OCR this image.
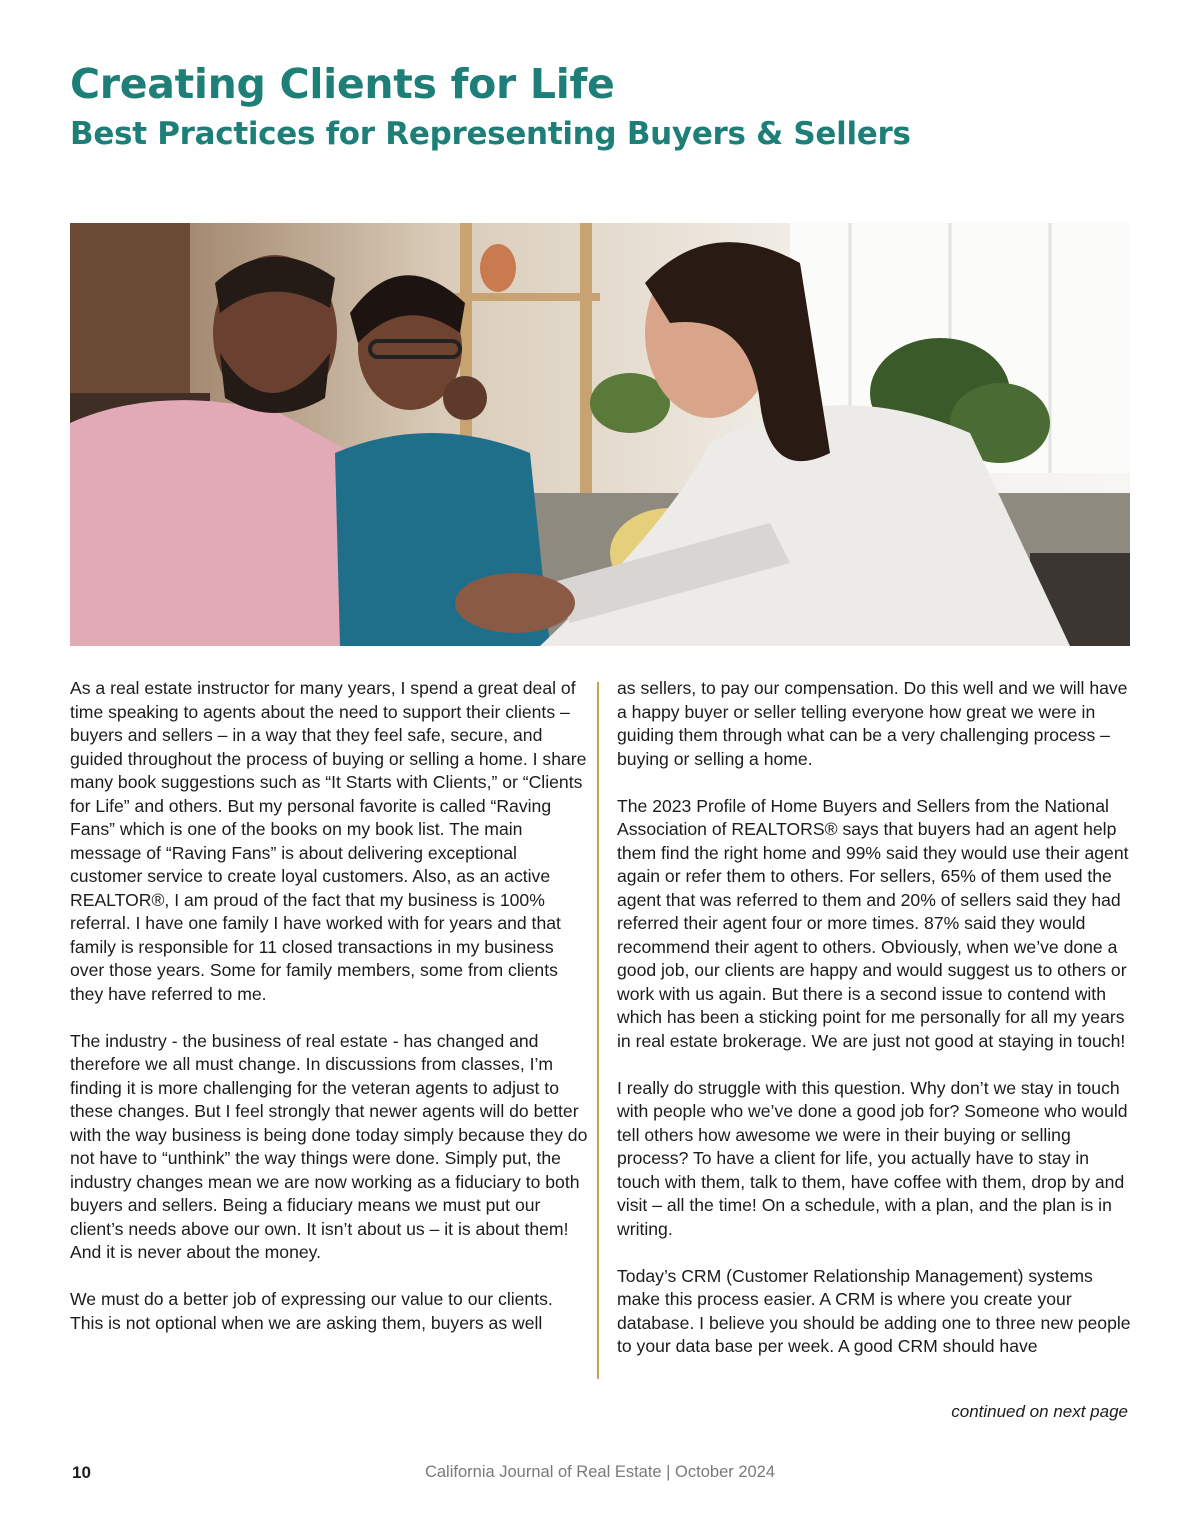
Creating Clients for Life
Best Practices for Representing Buyers & Sellers

As a real estate instructor for many years, I spend a great deal of time speaking to agents about the need to support their clients – buyers and sellers – in a way that they feel safe, secure, and guided throughout the process of buying or selling a home. I share many book suggestions such as “It Starts with Clients,” or “Clients for Life” and others. But my personal favorite is called “Raving Fans” which is one of the books on my book list. The main message of “Raving Fans” is about delivering exceptional customer service to create loyal customers. Also, as an active REALTOR®, I am proud of the fact that my business is 100% referral. I have one family I have worked with for years and that family is responsible for 11 closed transactions in my business over those years. Some for family members, some from clients they have referred to me.

The industry - the business of real estate - has changed and therefore we all must change. In discussions from classes, I’m finding it is more challenging for the veteran agents to adjust to these changes. But I feel strongly that newer agents will do better with the way business is being done today simply because they do not have to “unthink” the way things were done. Simply put, the industry changes mean we are now working as a fiduciary to both buyers and sellers. Being a fiduciary means we must put our client’s needs above our own. It isn’t about us – it is about them! And it is never about the money.

We must do a better job of expressing our value to our clients. This is not optional when we are asking them, buyers as well

as sellers, to pay our compensation. Do this well and we will have a happy buyer or seller telling everyone how great we were in guiding them through what can be a very challenging process – buying or selling a home.

The 2023 Profile of Home Buyers and Sellers from the National Association of REALTORS® says that buyers had an agent help them find the right home and 99% said they would use their agent again or refer them to others. For sellers, 65% of them used the agent that was referred to them and 20% of sellers said they had referred their agent four or more times. 87% said they would recommend their agent to others. Obviously, when we’ve done a good job, our clients are happy and would suggest us to others or work with us again. But there is a second issue to contend with which has been a sticking point for me personally for all my years in real estate brokerage. We are just not good at staying in touch!

I really do struggle with this question. Why don’t we stay in touch with people who we’ve done a good job for? Someone who would tell others how awesome we were in their buying or selling process? To have a client for life, you actually have to stay in touch with them, talk to them, have coffee with them, drop by and visit – all the time! On a schedule, with a plan, and the plan is in writing.

Today’s CRM (Customer Relationship Management) systems make this process easier. A CRM is where you create your database. I believe you should be adding one to three new people to your data base per week. A good CRM should have

continued on next page
10	California Journal of Real Estate | October 2024
